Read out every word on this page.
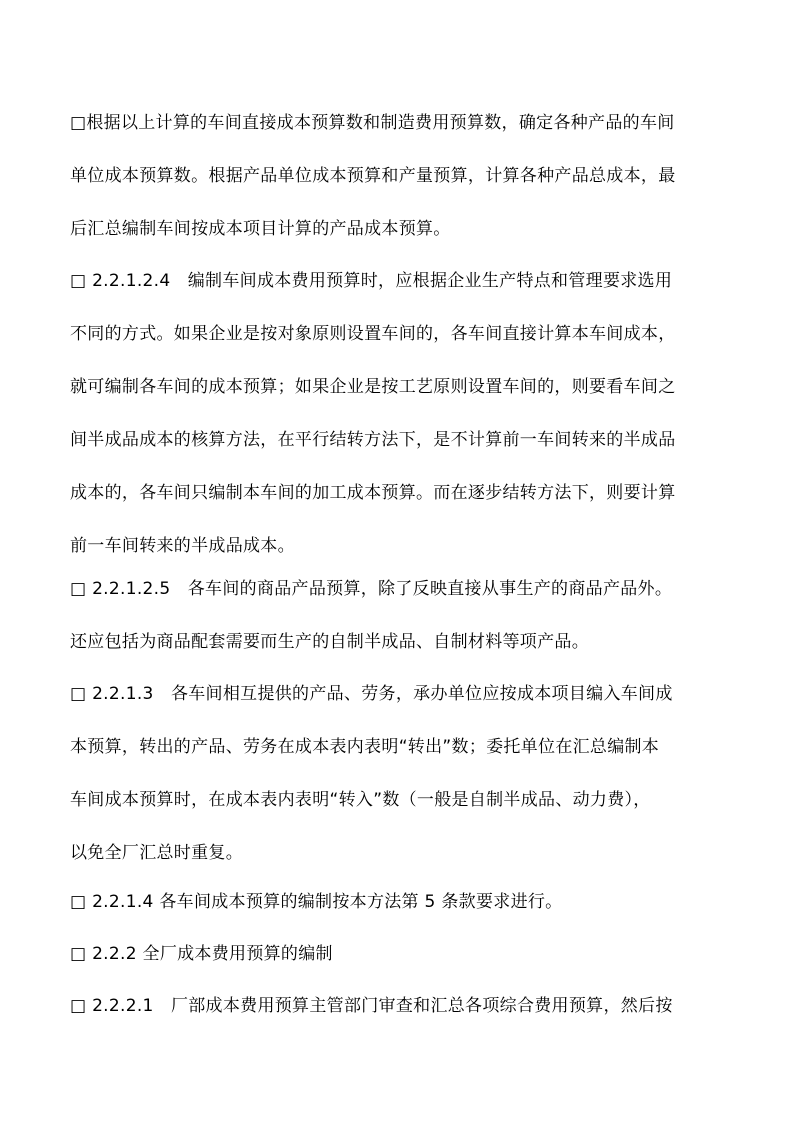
□根据以上计算的车间直接成本预算数和制造费用预算数，确定各种产品的车间
单位成本预算数。根据产品单位成本预算和产量预算，计算各种产品总成本，最
后汇总编制车间按成本项目计算的产品成本预算。

□ 2.2.1.2.4　编制车间成本费用预算时，应根据企业生产特点和管理要求选用
不同的方式。如果企业是按对象原则设置车间的，各车间直接计算本车间成本，
就可编制各车间的成本预算；如果企业是按工艺原则设置车间的，则要看车间之
间半成品成本的核算方法，在平行结转方法下，是不计算前一车间转来的半成品
成本的，各车间只编制本车间的加工成本预算。而在逐步结转方法下，则要计算
前一车间转来的半成品成本。

□ 2.2.1.2.5　各车间的商品产品预算，除了反映直接从事生产的商品产品外。
还应包括为商品配套需要而生产的自制半成品、自制材料等项产品。

□ 2.2.1.3　各车间相互提供的产品、劳务，承办单位应按成本项目编入车间成
本预算，转出的产品、劳务在成本表内表明“转出”数；委托单位在汇总编制本
车间成本预算时，在成本表内表明“转入”数（一般是自制半成品、动力费），
以免全厂汇总时重复。

□ 2.2.1.4 各车间成本预算的编制按本方法第 5 条款要求进行。

□ 2.2.2 全厂成本费用预算的编制

□ 2.2.2.1　厂部成本费用预算主管部门审查和汇总各项综合费用预算，然后按
